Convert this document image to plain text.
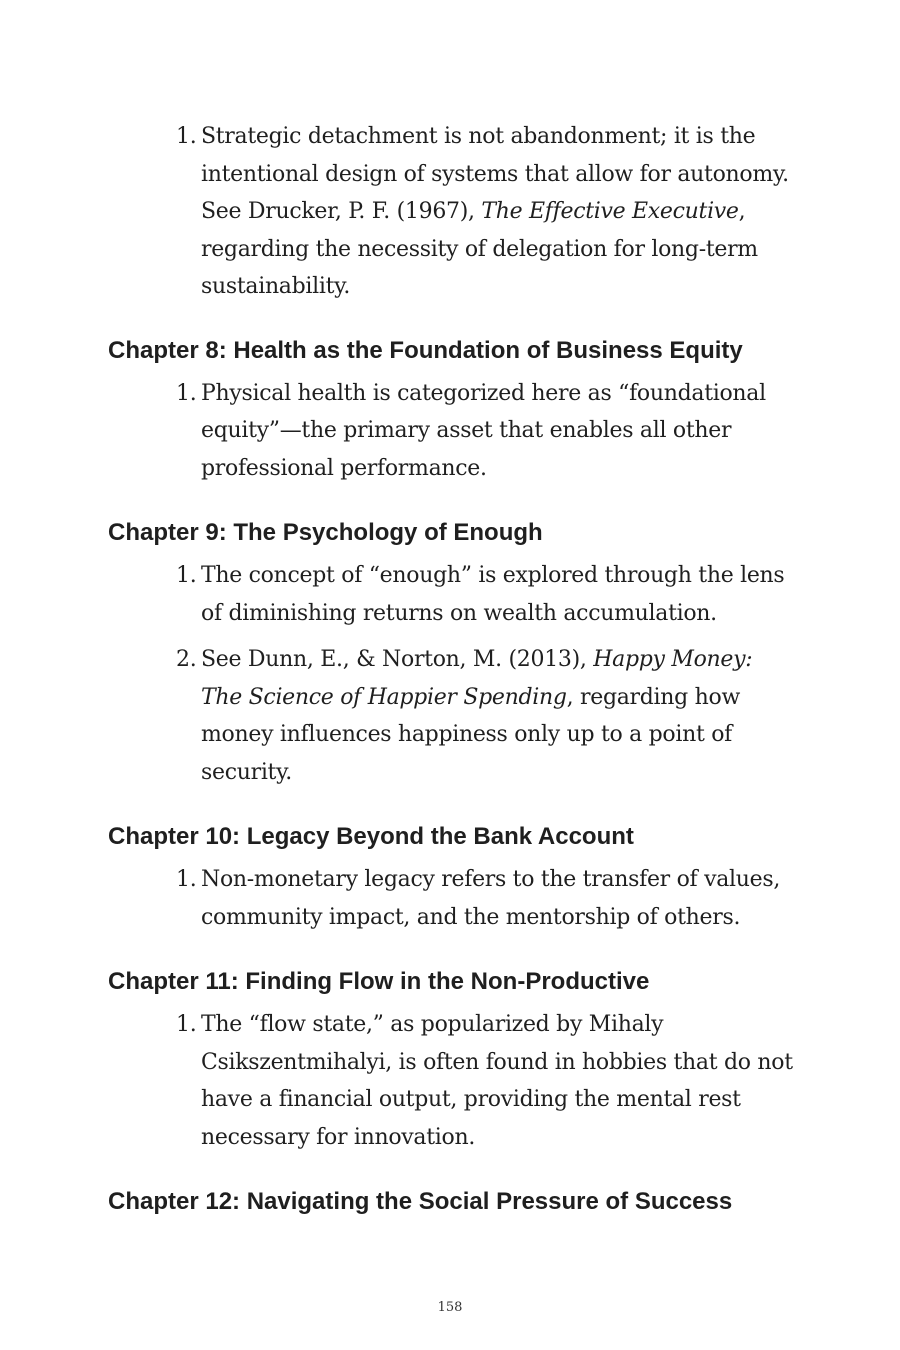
1. Strategic detachment is not abandonment; it is the intentional design of systems that allow for autonomy. See Drucker, P. F. (1967), The Effective Executive, regarding the necessity of delegation for long-term sustainability.
Chapter 8: Health as the Foundation of Business Equity
1. Physical health is categorized here as “foundational equity”—the primary asset that enables all other professional performance.
Chapter 9: The Psychology of Enough
1. The concept of “enough” is explored through the lens of diminishing returns on wealth accumulation.
2. See Dunn, E., & Norton, M. (2013), Happy Money: The Science of Happier Spending, regarding how money influences happiness only up to a point of security.
Chapter 10: Legacy Beyond the Bank Account
1. Non-monetary legacy refers to the transfer of values, community impact, and the mentorship of others.
Chapter 11: Finding Flow in the Non-Productive
1. The “flow state,” as popularized by Mihaly Csikszentmihalyi, is often found in hobbies that do not have a financial output, providing the mental rest necessary for innovation.
Chapter 12: Navigating the Social Pressure of Success
158
